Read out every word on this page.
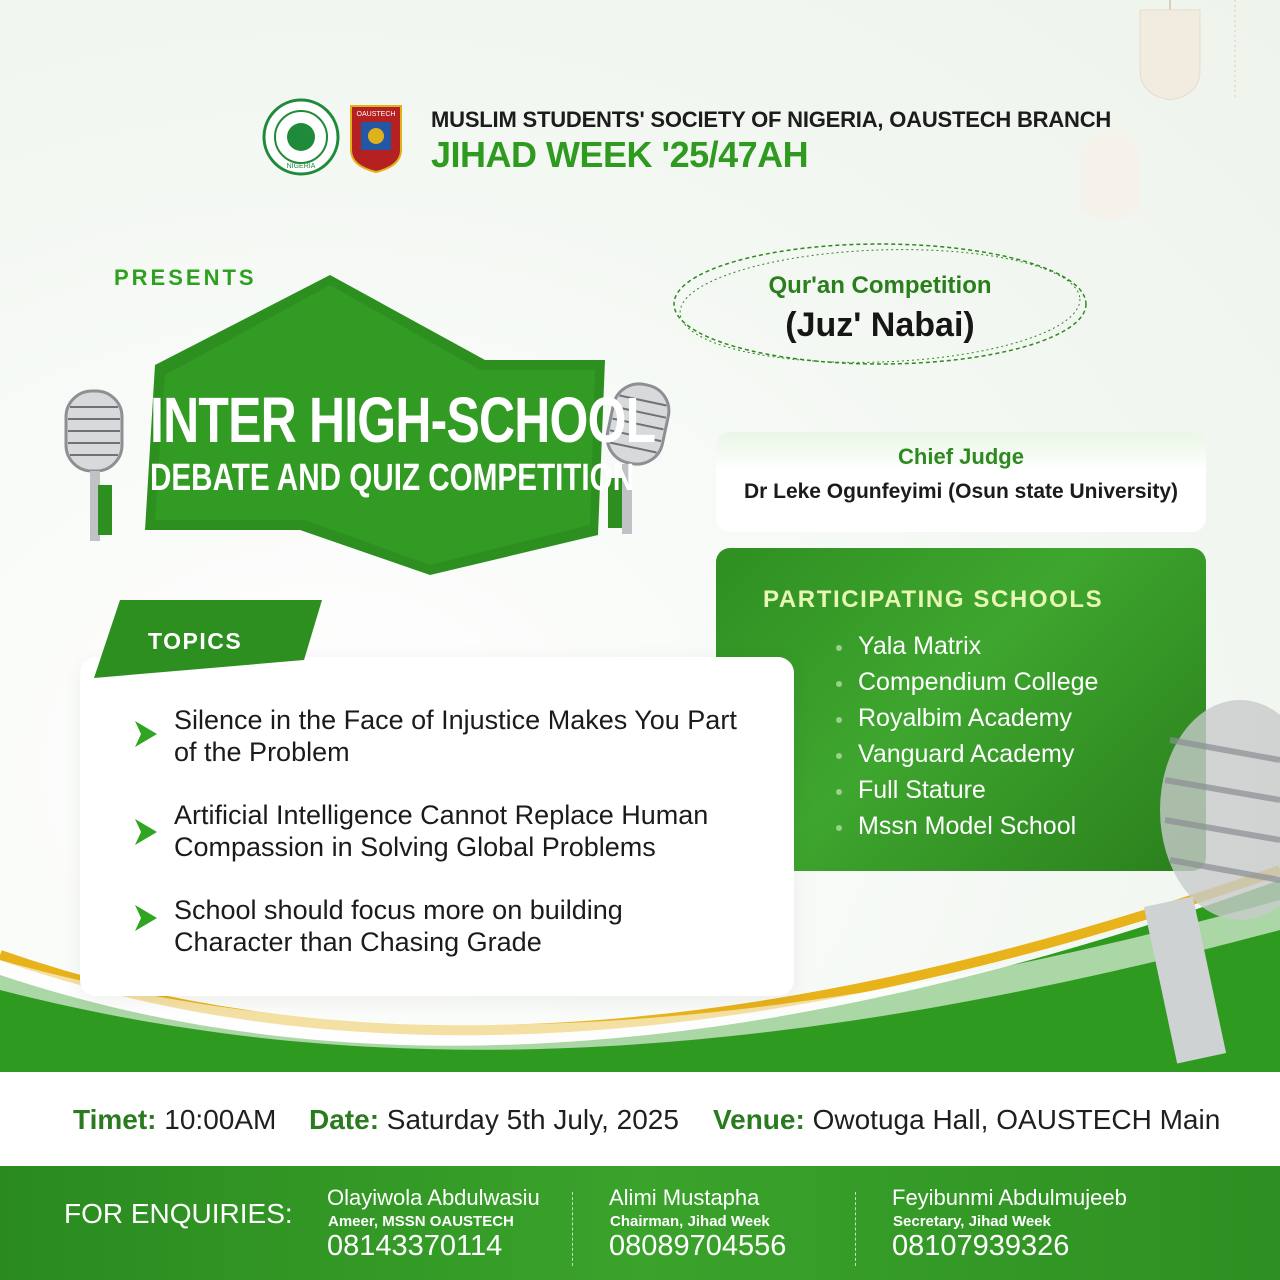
NIGERIA
OAUSTECH MUSLIM STUDENTS' SOCIETY OF NIGERIA, OAUSTECH BRANCH
JIHAD WEEK '25/47AH
PRESENTS
INTER HIGH-SCHOOL
DEBATE AND QUIZ COMPETITION
Qur'an Competition
(Juz' Nabai)
Chief Judge
Dr Leke Ogunfeyimi (Osun state University)
PARTICIPATING SCHOOLS
Yala Matrix
Compendium College
Royalbim Academy
Vanguard Academy
Full Stature
Mssn Model School
TOPICS
Silence in the Face of Injustice Makes You Part
of the Problem
Artificial Intelligence Cannot Replace Human
Compassion in Solving Global Problems
School should focus more on building
Character than Chasing Grade
Timet: 10:00AM Date: Saturday 5th July, 2025 Venue: Owotuga Hall, OAUSTECH Main
FOR ENQUIRIES:
Olayiwola Abdulwasiu
Ameer, MSSN OAUSTECH
08143370114
Alimi Mustapha
Chairman, Jihad Week
08089704556
Feyibunmi Abdulmujeeb
Secretary, Jihad Week
08107939326
